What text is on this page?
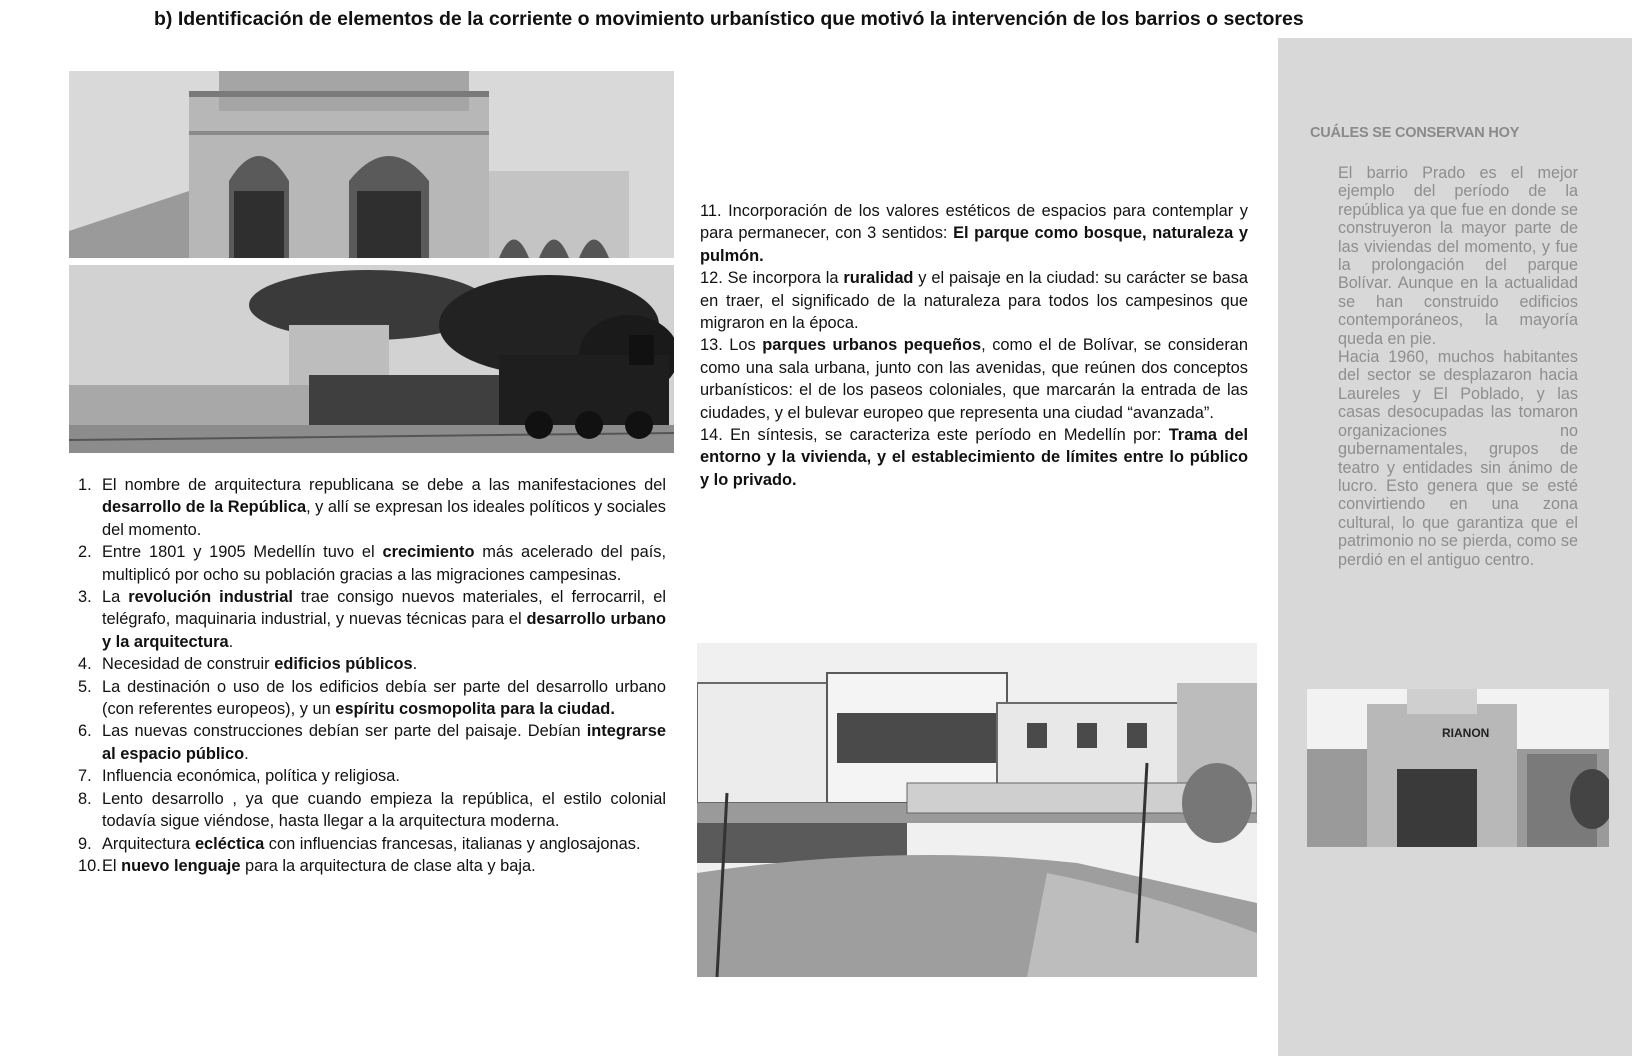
b) Identificación de elementos de la corriente o movimiento urbanístico que motivó la intervención de los barrios o sectores
1. El nombre de arquitectura republicana se debe a las manifestaciones del desarrollo de la República, y allí se expresan los ideales políticos y sociales del momento.
2. Entre 1801 y 1905 Medellín tuvo el crecimiento más acelerado del país, multiplicó por ocho su población gracias a las migraciones campesinas.
3. La revolución industrial trae consigo nuevos materiales, el ferrocarril, el telégrafo, maquinaria industrial, y nuevas técnicas para el desarrollo urbano y la arquitectura.
4. Necesidad de construir edificios públicos.
5. La destinación o uso de los edificios debía ser parte del desarrollo urbano (con referentes europeos), y un espíritu cosmopolita para la ciudad.
6. Las nuevas construcciones debían ser parte del paisaje. Debían integrarse al espacio público.
7. Influencia económica, política y religiosa.
8. Lento desarrollo , ya que cuando empieza la república, el estilo colonial todavía sigue viéndose, hasta llegar a la arquitectura moderna.
9. Arquitectura ecléctica con influencias francesas, italianas y anglosajonas.
10. El nuevo lenguaje para la arquitectura de clase alta y baja.

11. Incorporación de los valores estéticos de espacios para contemplar y para permanecer, con 3 sentidos: El parque como bosque, naturaleza y pulmón.

12. Se incorpora la ruralidad y el paisaje en la ciudad: su carácter se basa en traer, el significado de la naturaleza para todos los campesinos que migraron en la época.

13. Los parques urbanos pequeños, como el de Bolívar, se consideran como una sala urbana, junto con las avenidas, que reúnen dos conceptos urbanísticos: el de los paseos coloniales, que marcarán la entrada de las ciudades, y el bulevar europeo que representa una ciudad “avanzada”.

14. En síntesis, se caracteriza este período en Medellín por: Trama del entorno y la vivienda, y el establecimiento de límites entre lo público y lo privado.

CUÁLES SE CONSERVAN HOY

El barrio Prado es el mejor ejemplo del período de la república ya que fue en donde se construyeron la mayor parte de las viviendas del momento, y fue la prolongación del parque Bolívar. Aunque en la actualidad se han construido edificios contemporáneos, la mayoría queda en pie.

Hacia 1960, muchos habitantes del sector se desplazaron hacia Laureles y El Poblado, y las casas desocupadas las tomaron organizaciones no gubernamentales, grupos de teatro y entidades sin ánimo de lucro. Esto genera que se esté convirtiendo en una zona cultural, lo que garantiza que el patrimonio no se pierda, como se perdió en el antiguo centro.

RIANON
